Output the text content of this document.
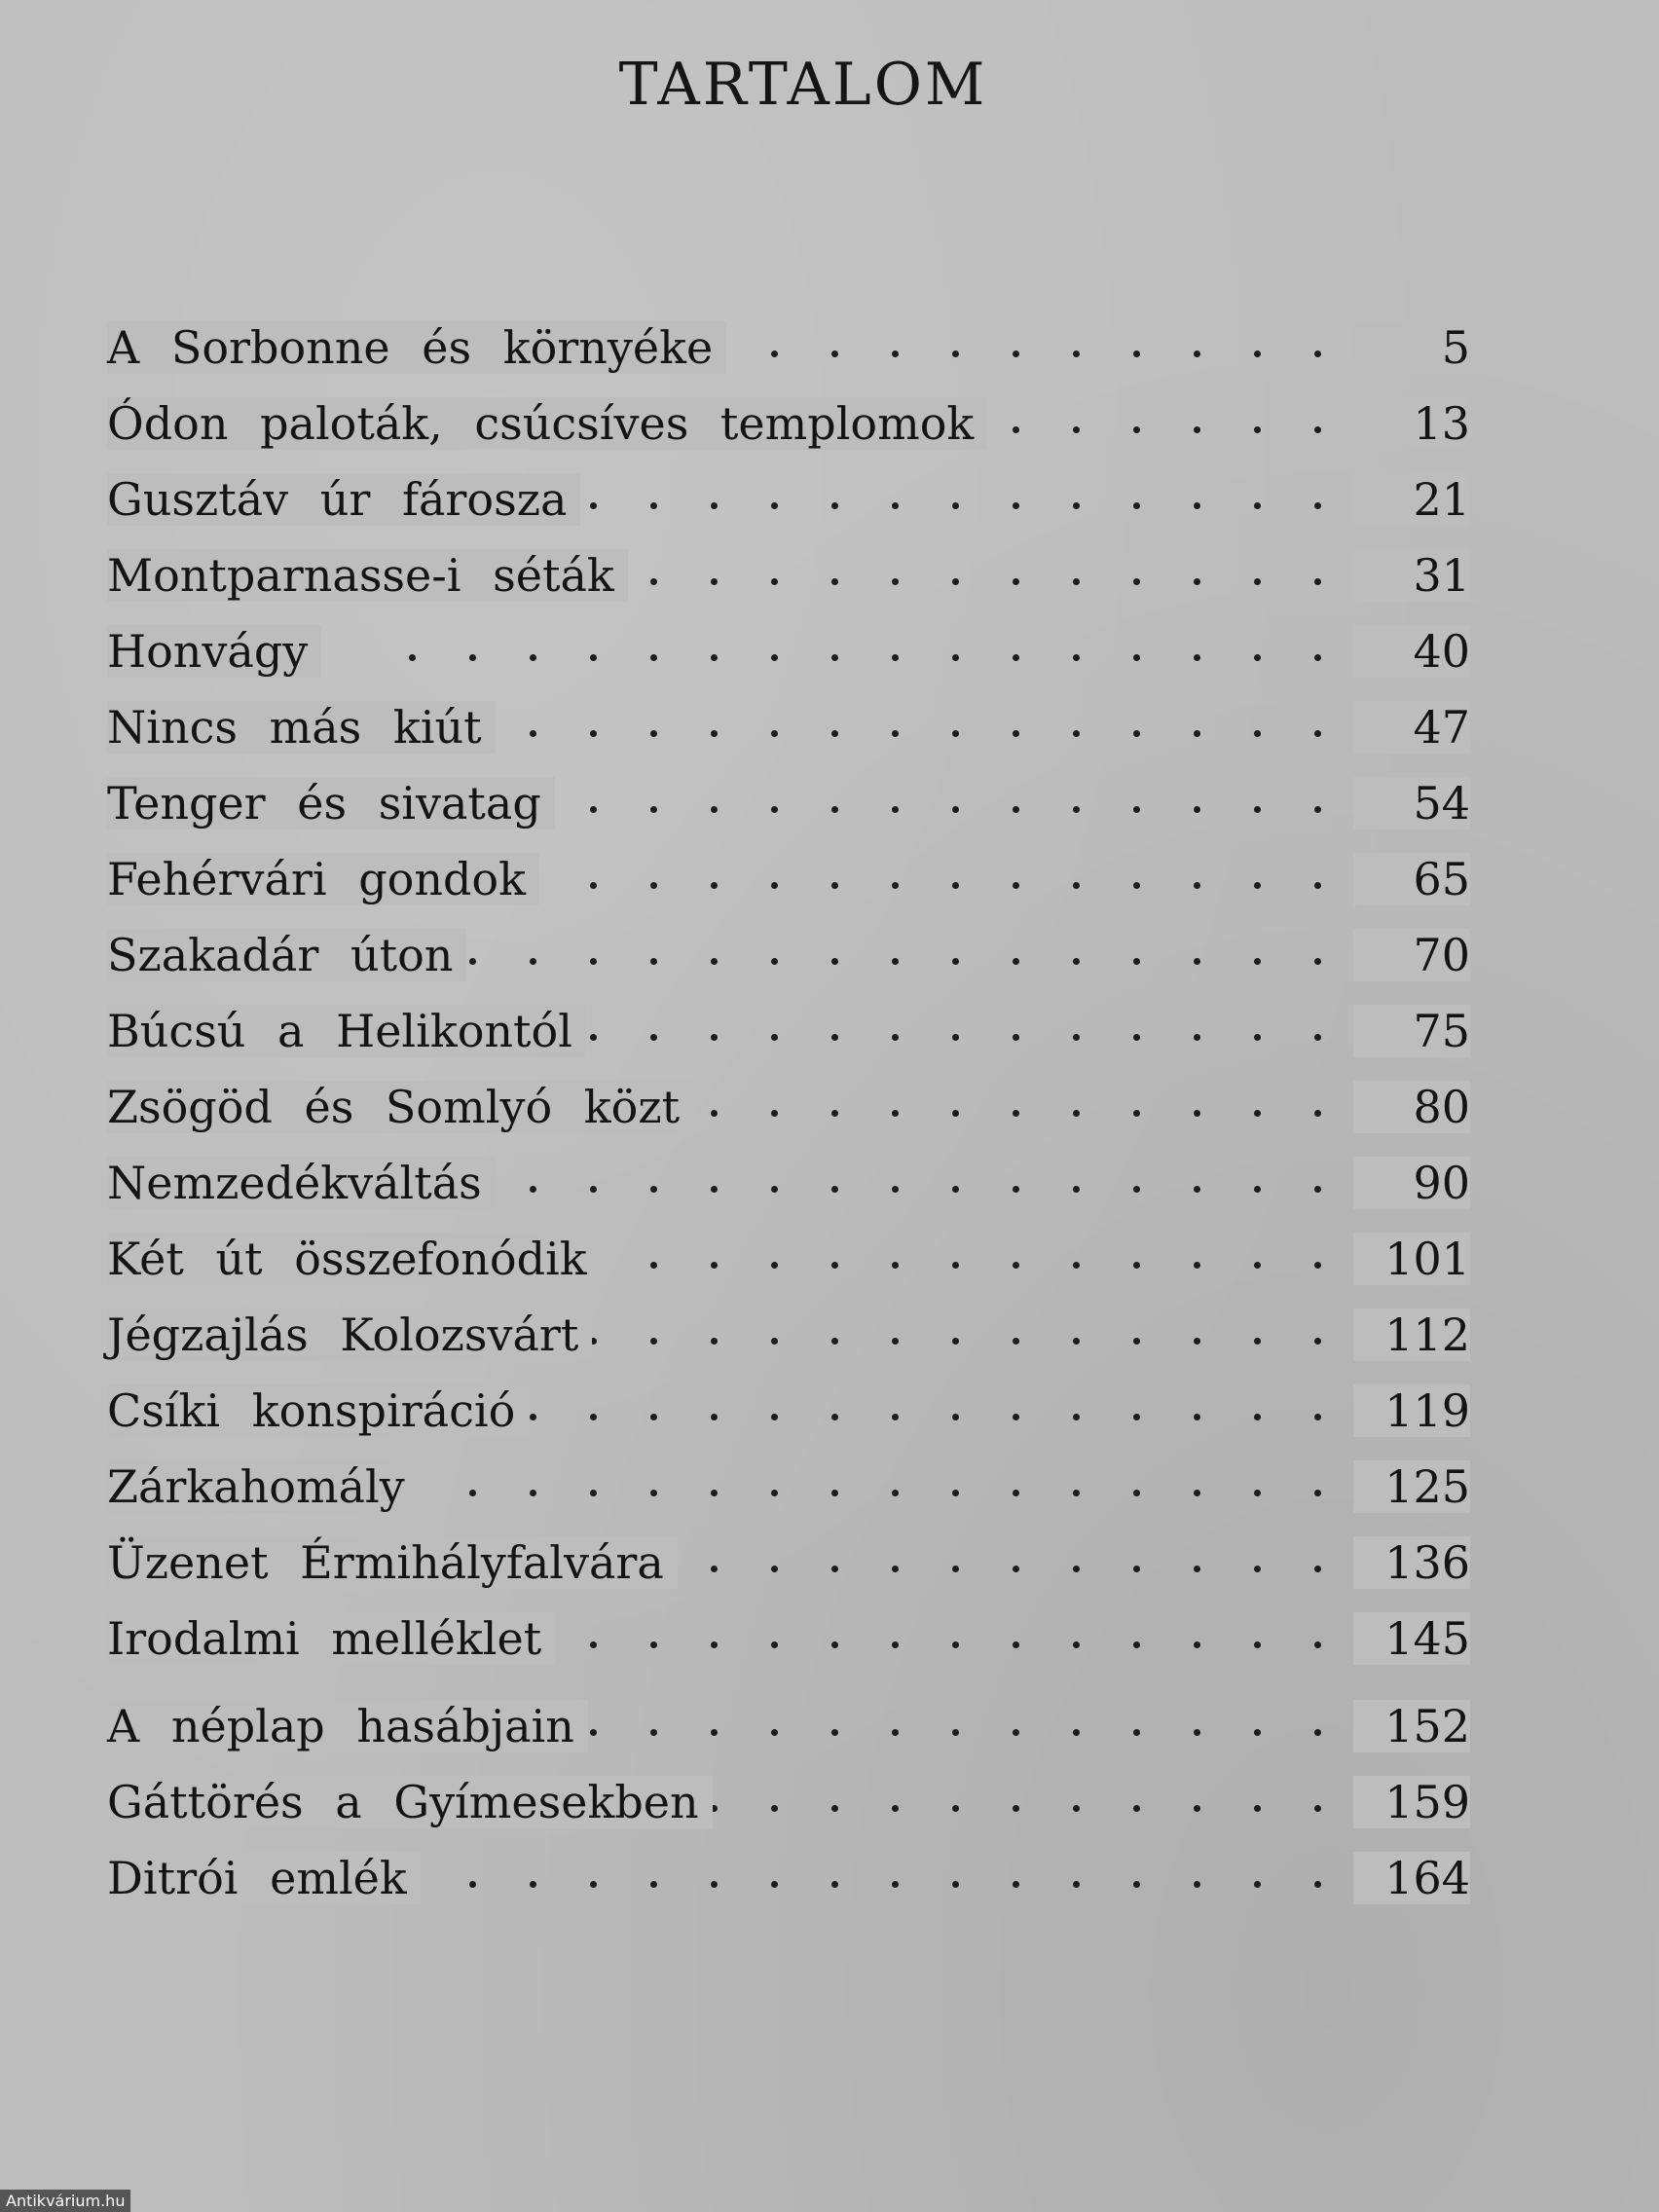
TARTALOM
A Sorbonne és környéke	5
Ódon paloták, csúcsíves templomok	13
Gusztáv úr fárosza	21
Montparnasse-i séták	31
Honvágy	40
Nincs más kiút	47
Tenger és sivatag	54
Fehérvári gondok	65
Szakadár úton	70
Búcsú a Helikontól	75
Zsögöd és Somlyó közt	80
Nemzedékváltás	90
Két út összefonódik	101
Jégzajlás Kolozsvárt	112
Csíki konspiráció	119
Zárkahomály	125
Üzenet Érmihályfalvára	136
Irodalmi melléklet	145
A néplap hasábjain	152
Gáttörés a Gyímesekben	159
Ditrói emlék	164
Antikvárium.hu
